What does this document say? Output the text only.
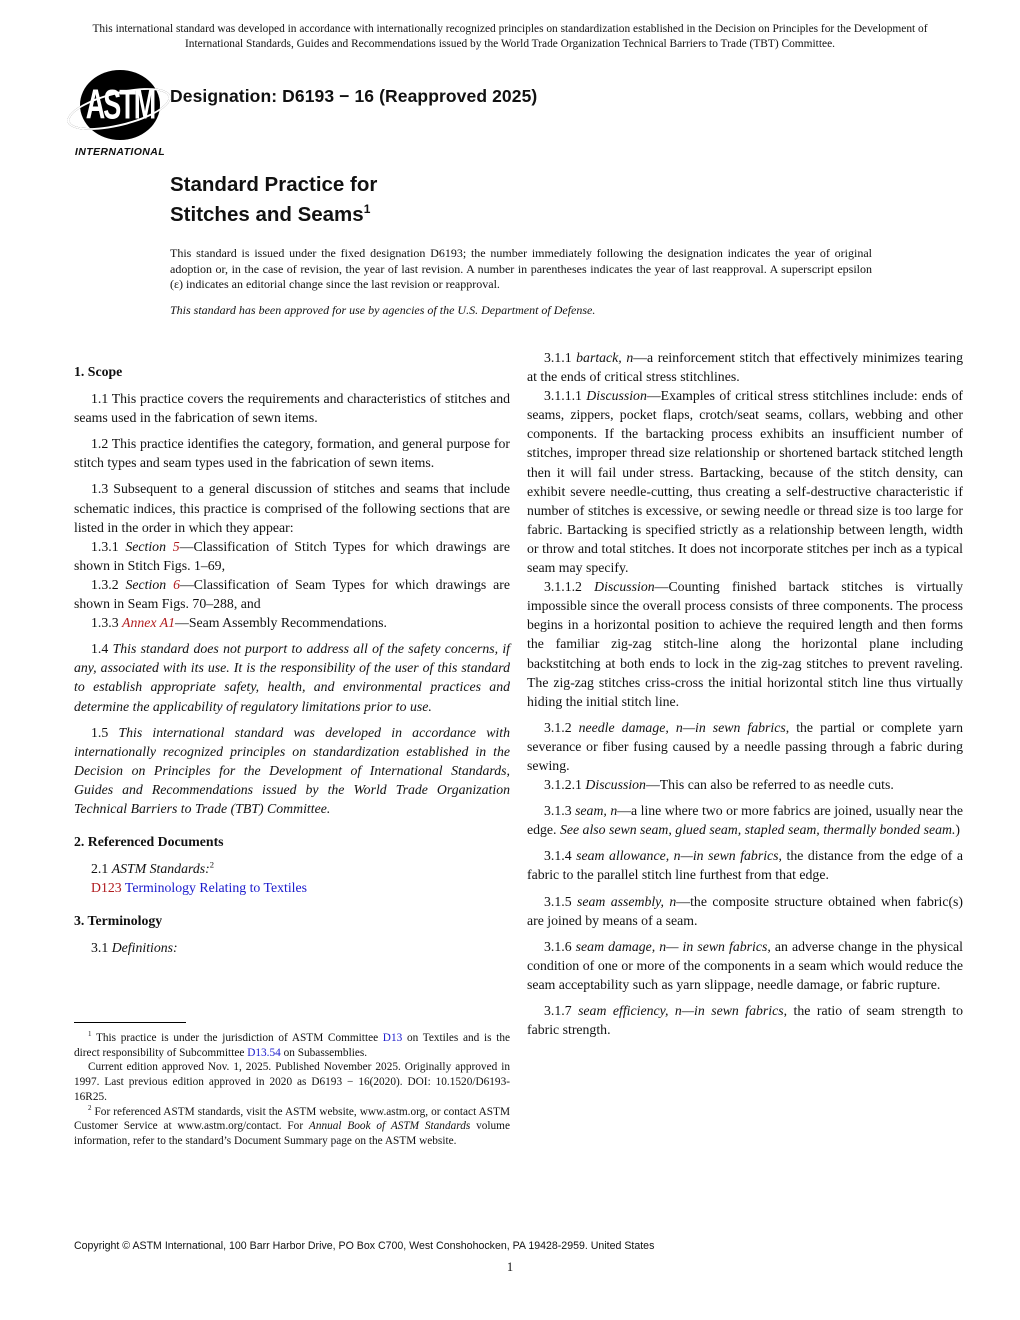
This international standard was developed in accordance with internationally recognized principles on standardization established in the Decision on Principles for the Development of International Standards, Guides and Recommendations issued by the World Trade Organization Technical Barriers to Trade (TBT) Committee.
ASTM
INTERNATIONAL
Designation: D6193 − 16 (Reapproved 2025)
Standard Practice for
Stitches and Seams$^1$
This standard is issued under the fixed designation D6193; the number immediately following the designation indicates the year of original adoption or, in the case of revision, the year of last revision. A number in parentheses indicates the year of last reapproval. A superscript epsilon (ε) indicates an editorial change since the last revision or reapproval.
This standard has been approved for use by agencies of the U.S. Department of Defense.

1. Scope

1.1 This practice covers the requirements and characteristics of stitches and seams used in the fabrication of sewn items.

1.2 This practice identifies the category, formation, and general purpose for stitch types and seam types used in the fabrication of sewn items.

1.3 Subsequent to a general discussion of stitches and seams that include schematic indices, this practice is comprised of the following sections that are listed in the order in which they appear:

1.3.1 Section 5—Classification of Stitch Types for which drawings are shown in Stitch Figs. 1–69,

1.3.2 Section 6—Classification of Seam Types for which drawings are shown in Seam Figs. 70–288, and

1.3.3 Annex A1—Seam Assembly Recommendations.

1.4 This standard does not purport to address all of the safety concerns, if any, associated with its use. It is the responsibility of the user of this standard to establish appropriate safety, health, and environmental practices and determine the applicability of regulatory limitations prior to use.

1.5 This international standard was developed in accordance with internationally recognized principles on standardization established in the Decision on Principles for the Development of International Standards, Guides and Recommendations issued by the World Trade Organization Technical Barriers to Trade (TBT) Committee.

2. Referenced Documents

2.1 ASTM Standards:$^2$

D123 Terminology Relating to Textiles

3. Terminology

3.1 Definitions:

3.1.1 bartack, n—a reinforcement stitch that effectively minimizes tearing at the ends of critical stress stitchlines.

3.1.1.1 Discussion—Examples of critical stress stitchlines include: ends of seams, zippers, pocket flaps, crotch/seat seams, collars, webbing and other components. If the bartacking process exhibits an insufficient number of stitches, improper thread size relationship or shortened bartack stitched length then it will fail under stress. Bartacking, because of the stitch density, can exhibit severe needle-cutting, thus creating a self-destructive characteristic if number of stitches is excessive, or sewing needle or thread size is too large for fabric. Bartacking is specified strictly as a relationship between length, width or throw and total stitches. It does not incorporate stitches per inch as a typical seam may specify.

3.1.1.2 Discussion—Counting finished bartack stitches is virtually impossible since the overall process consists of three components. The process begins in a horizontal position to achieve the required length and then forms the familiar zig-zag stitch-line along the horizontal plane including backstitching at both ends to lock in the zig-zag stitches to prevent raveling. The zig-zag stitches criss-cross the initial horizontal stitch line thus virtually hiding the initial stitch line.

3.1.2 needle damage, n—in sewn fabrics, the partial or complete yarn severance or fiber fusing caused by a needle passing through a fabric during sewing.

3.1.2.1 Discussion—This can also be referred to as needle cuts.

3.1.3 seam, n—a line where two or more fabrics are joined, usually near the edge. See also sewn seam, glued seam, stapled seam, thermally bonded seam.)

3.1.4 seam allowance, n—in sewn fabrics, the distance from the edge of a fabric to the parallel stitch line furthest from that edge.

3.1.5 seam assembly, n—the composite structure obtained when fabric(s) are joined by means of a seam.

3.1.6 seam damage, n— in sewn fabrics, an adverse change in the physical condition of one or more of the components in a seam which would reduce the seam acceptability such as yarn slippage, needle damage, or fabric rupture.

3.1.7 seam efficiency, n—in sewn fabrics, the ratio of seam strength to fabric strength.

$^1$ This practice is under the jurisdiction of ASTM Committee D13 on Textiles and is the direct responsibility of Subcommittee D13.54 on Subassemblies.

Current edition approved Nov. 1, 2025. Published November 2025. Originally approved in 1997. Last previous edition approved in 2020 as D6193 − 16(2020). DOI: 10.1520/D6193-16R25.

$^2$ For referenced ASTM standards, visit the ASTM website, www.astm.org, or contact ASTM Customer Service at www.astm.org/contact. For Annual Book of ASTM Standards volume information, refer to the standard’s Document Summary page on the ASTM website.

Copyright © ASTM International, 100 Barr Harbor Drive, PO Box C700, West Conshohocken, PA 19428-2959. United States
1
